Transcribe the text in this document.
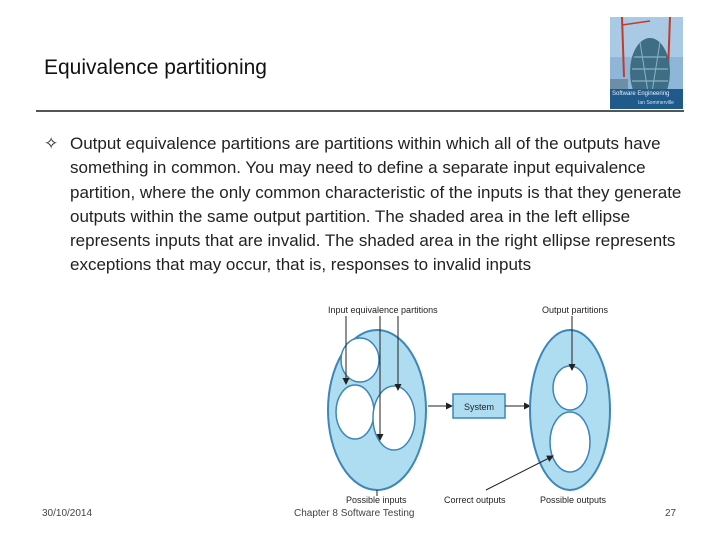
Equivalence partitioning
Software Engineering
Ian Sommerville
✧ Output equivalence partitions are partitions within which all of the outputs have something in common. You may need to define a separate input equivalence partition, where the only common characteristic of the inputs is that they generate outputs within the same output partition. The shaded area in the left ellipse represents inputs that are invalid. The shaded area in the right ellipse represents exceptions that may occur, that is, responses to invalid inputs
Input equivalence partitions	Output partitions
System
Possible inputs	Correct outputs	Possible outputs
30/10/2014	Chapter 8 Software Testing	27
